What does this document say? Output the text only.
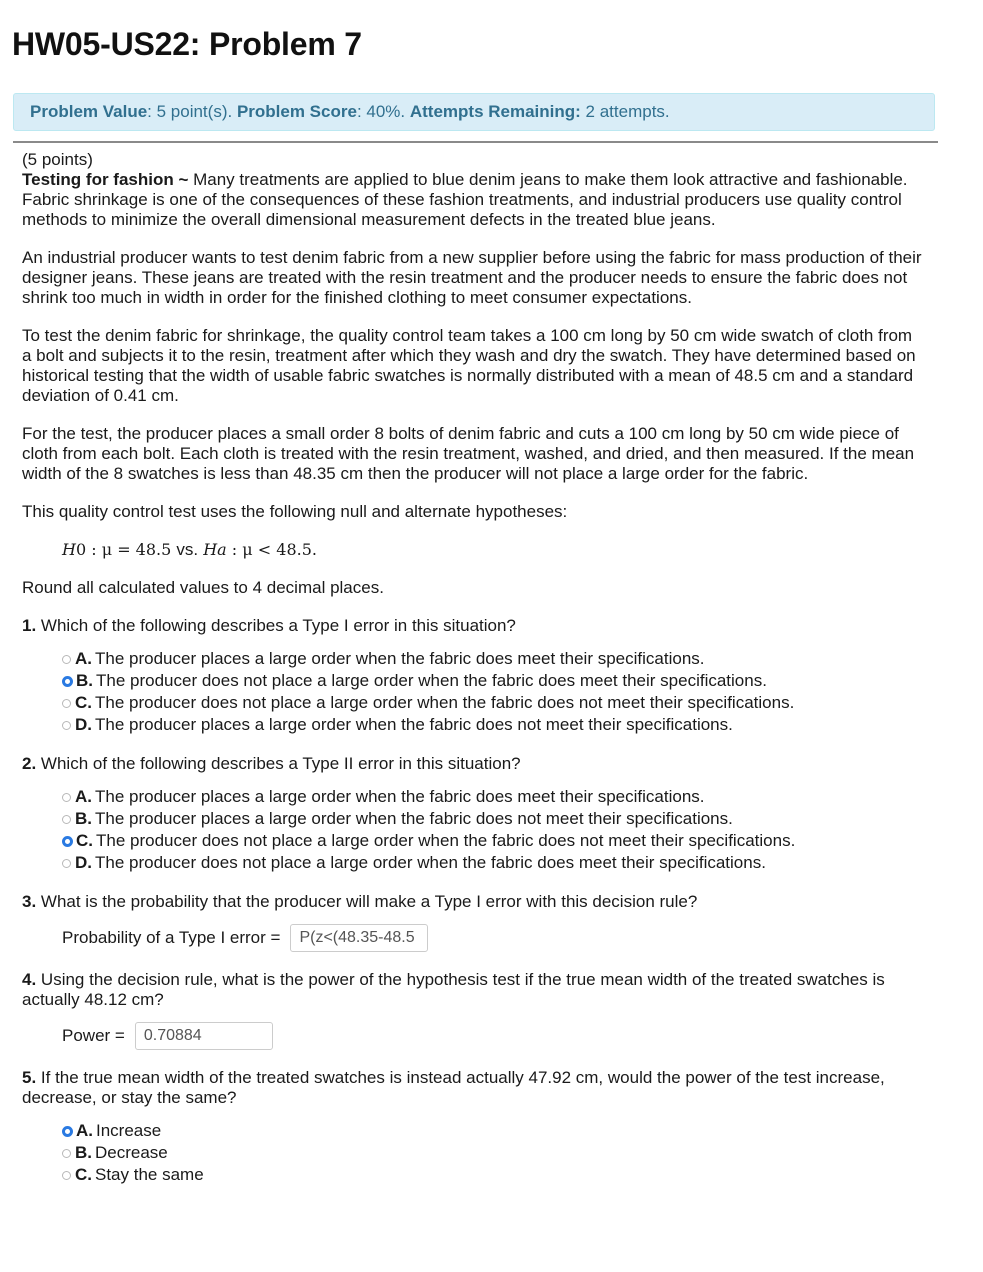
HW05-US22: Problem 7
Problem Value: 5 point(s). Problem Score: 40%. Attempts Remaining: 2 attempts.

(5 points)
Testing for fashion ~ Many treatments are applied to blue denim jeans to make them look attractive and fashionable. Fabric shrinkage is one of the consequences of these fashion treatments, and industrial producers use quality control methods to minimize the overall dimensional measurement defects in the treated blue jeans.

An industrial producer wants to test denim fabric from a new supplier before using the fabric for mass production of their designer jeans. These jeans are treated with the resin treatment and the producer needs to ensure the fabric does not shrink too much in width in order for the finished clothing to meet consumer expectations.

To test the denim fabric for shrinkage, the quality control team takes a 100 cm long by 50 cm wide swatch of cloth from a bolt and subjects it to the resin, treatment after which they wash and dry the swatch. They have determined based on historical testing that the width of usable fabric swatches is normally distributed with a mean of 48.5 cm and a standard deviation of 0.41 cm.

For the test, the producer places a small order 8 bolts of denim fabric and cuts a 100 cm long by 50 cm wide piece of cloth from each bolt. Each cloth is treated with the resin treatment, washed, and dried, and then measured. If the mean width of the 8 swatches is less than 48.35 cm then the producer will not place a large order for the fabric.

This quality control test uses the following null and alternate hypotheses:

H0 : μ = 48.5 vs. Ha : μ < 48.5.

Round all calculated values to 4 decimal places.

1. Which of the following describes a Type I error in this situation?
A. The producer places a large order when the fabric does meet their specifications.
B. The producer does not place a large order when the fabric does meet their specifications.
C. The producer does not place a large order when the fabric does not meet their specifications.
D. The producer places a large order when the fabric does not meet their specifications.
2. Which of the following describes a Type II error in this situation?
A. The producer places a large order when the fabric does meet their specifications.
B. The producer places a large order when the fabric does not meet their specifications.
C. The producer does not place a large order when the fabric does not meet their specifications.
D. The producer does not place a large order when the fabric does meet their specifications.
3. What is the probability that the producer will make a Type I error with this decision rule?
Probability of a Type I error =	P(z<(48.35-48.5
4. Using the decision rule, what is the power of the hypothesis test if the true mean width of the treated swatches is actually 48.12 cm?
Power =	0.70884
5. If the true mean width of the treated swatches is instead actually 47.92 cm, would the power of the test increase, decrease, or stay the same?
A. Increase
B. Decrease
C. Stay the same
